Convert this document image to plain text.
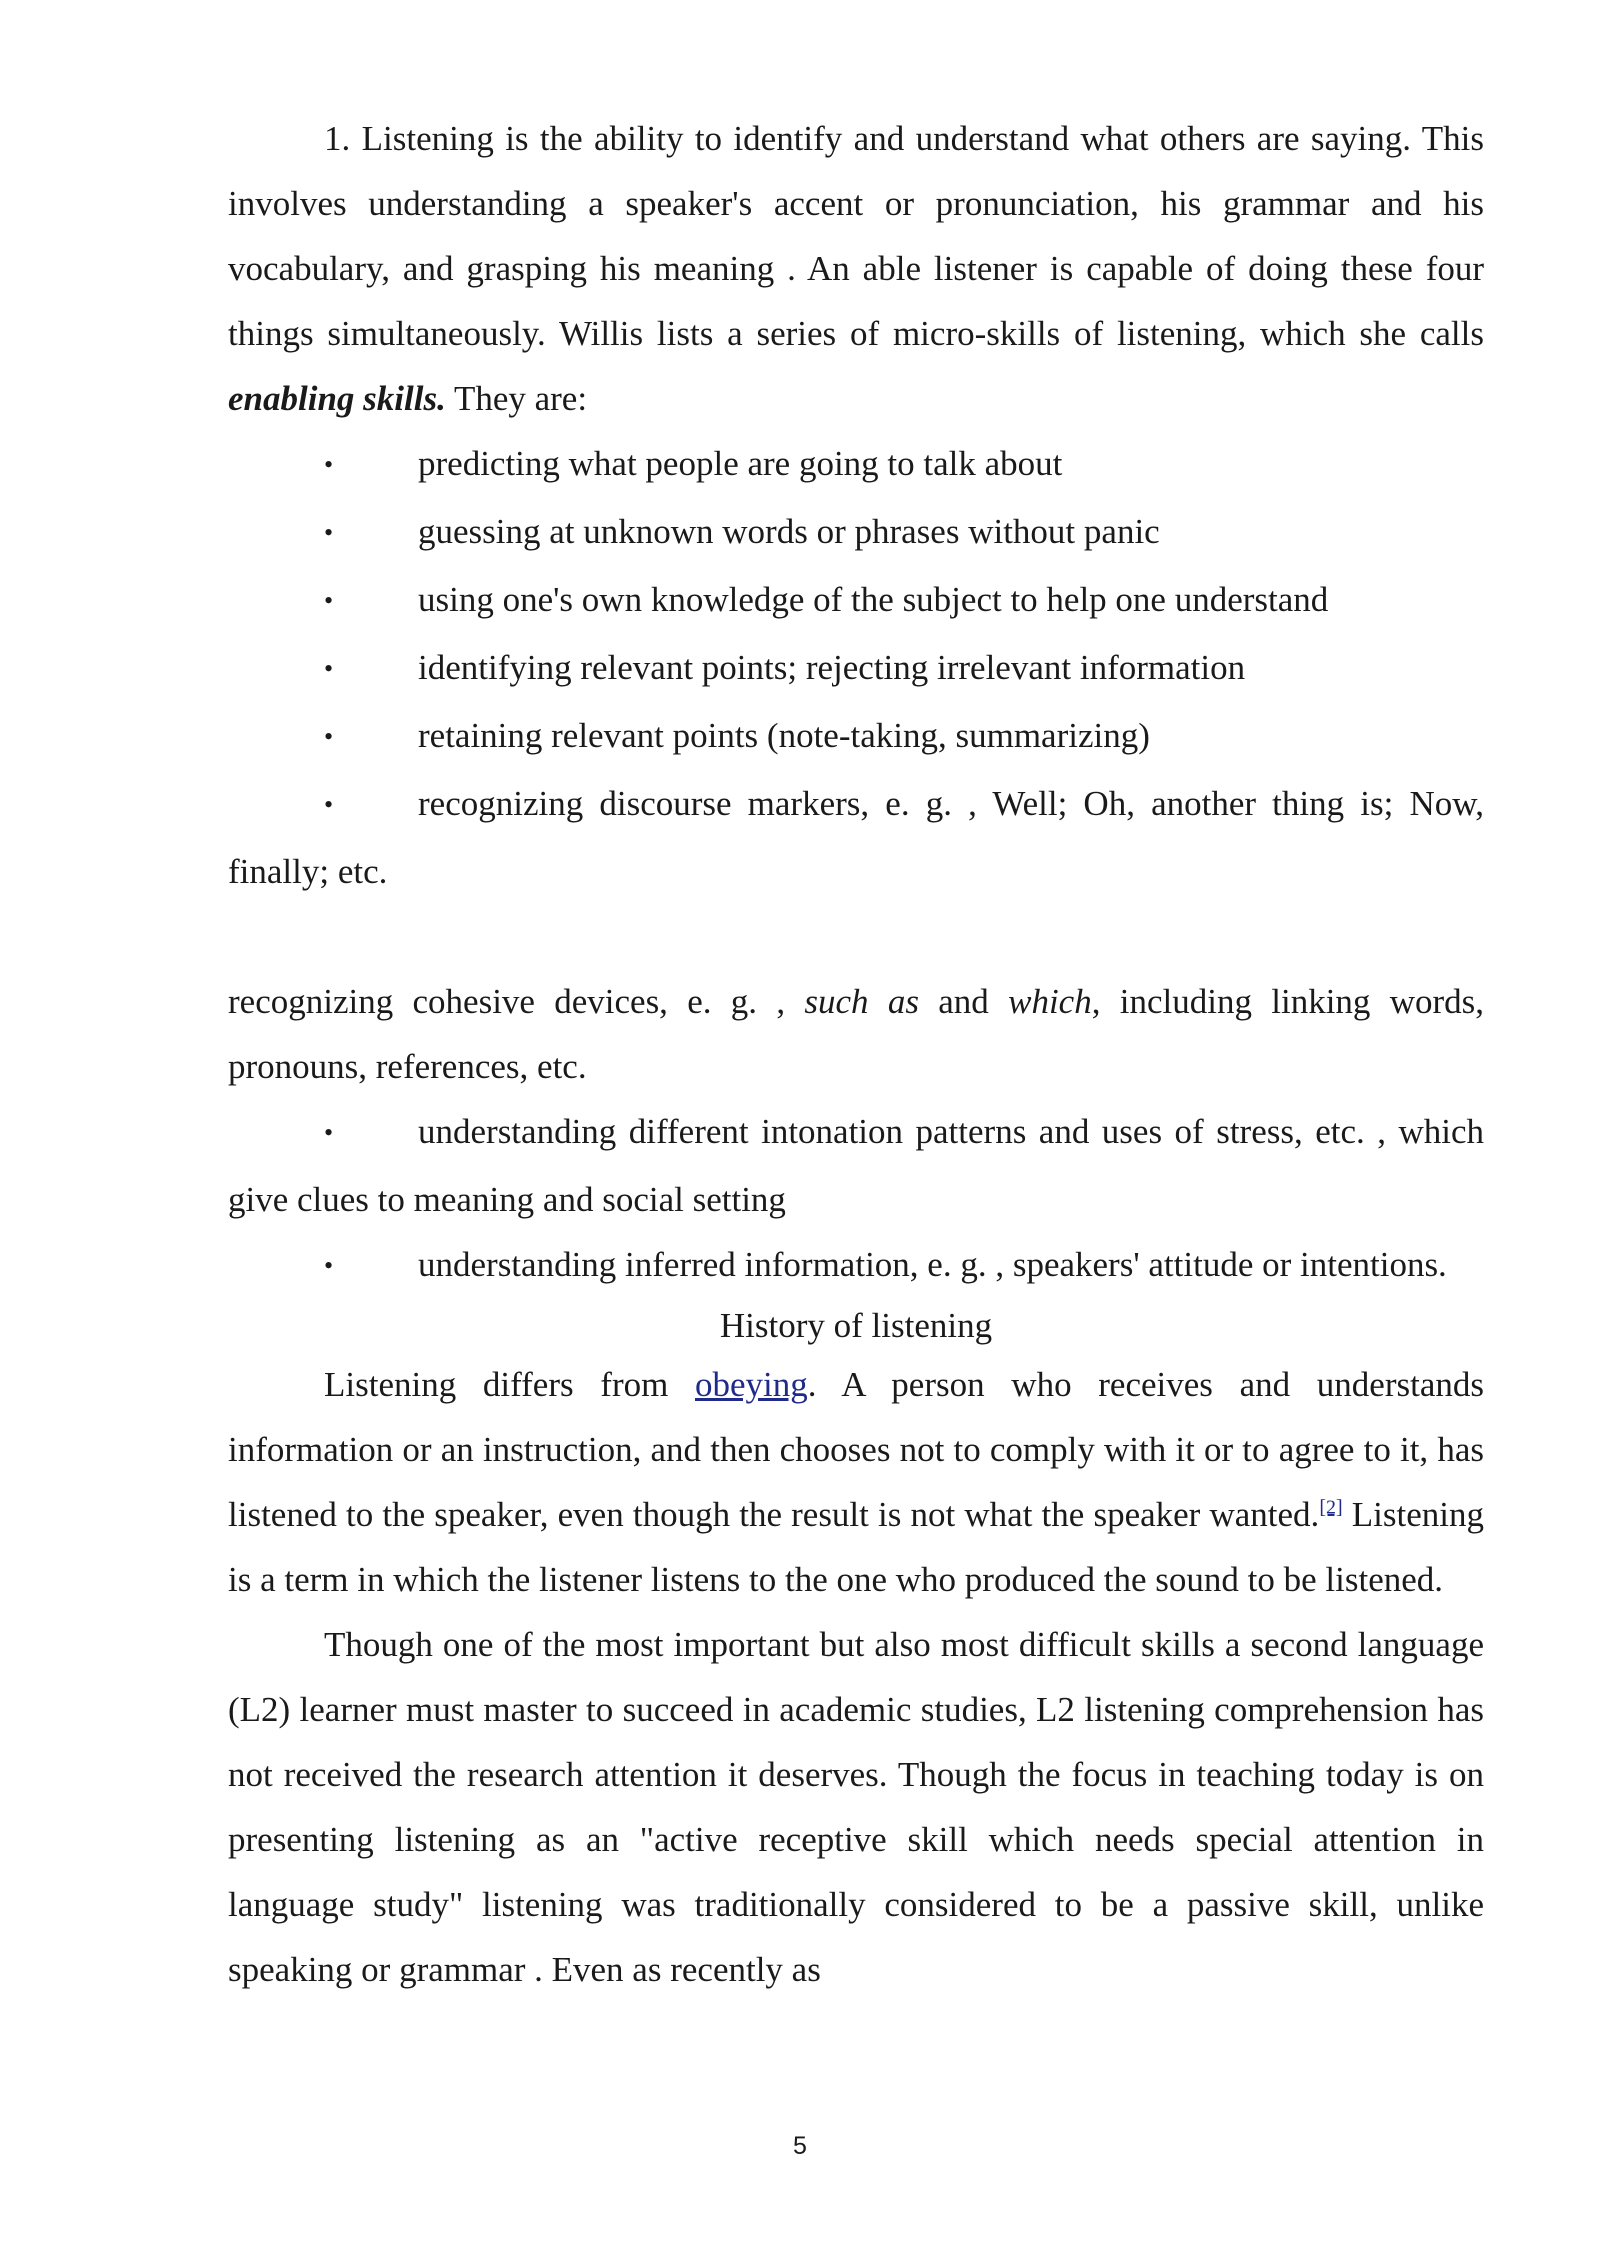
1. Listening is the ability to identify and understand what others are saying. This involves understanding a speaker's accent or pronunciation, his grammar and his vocabulary, and grasping his meaning . An able listener is capable of doing these four things simultaneously. Willis lists a series of micro-skills of listening, which she calls enabling skills. They are:

•predicting what people are going to talk about

•guessing at unknown words or phrases without panic

•using one's own knowledge of the subject to help one understand

•identifying relevant points; rejecting irrelevant information

•retaining relevant points (note-taking, summarizing)

•recognizing discourse markers, e. g. , Well; Oh, another thing is; Now, finally; etc.

recognizing cohesive devices, e. g. , such as and which, including linking words, pronouns, references, etc.

•understanding different intonation patterns and uses of stress, etc. , which give clues to meaning and social setting

•understanding inferred information, e. g. , speakers' attitude or intentions.

History of listening

Listening differs from obeying. A person who receives and understands information or an instruction, and then chooses not to comply with it or to agree to it, has listened to the speaker, even though the result is not what the speaker wanted.[2] Listening is a term in which the listener listens to the one who produced the sound to be listened.

Though one of the most important but also most difficult skills a second language (L2) learner must master to succeed in academic studies, L2 listening comprehension has not received the research attention it deserves. Though the focus in teaching today is on presenting listening as an "active receptive skill which needs special attention in language study" listening was traditionally considered to be a passive skill, unlike speaking or grammar . Even as recently as

5
